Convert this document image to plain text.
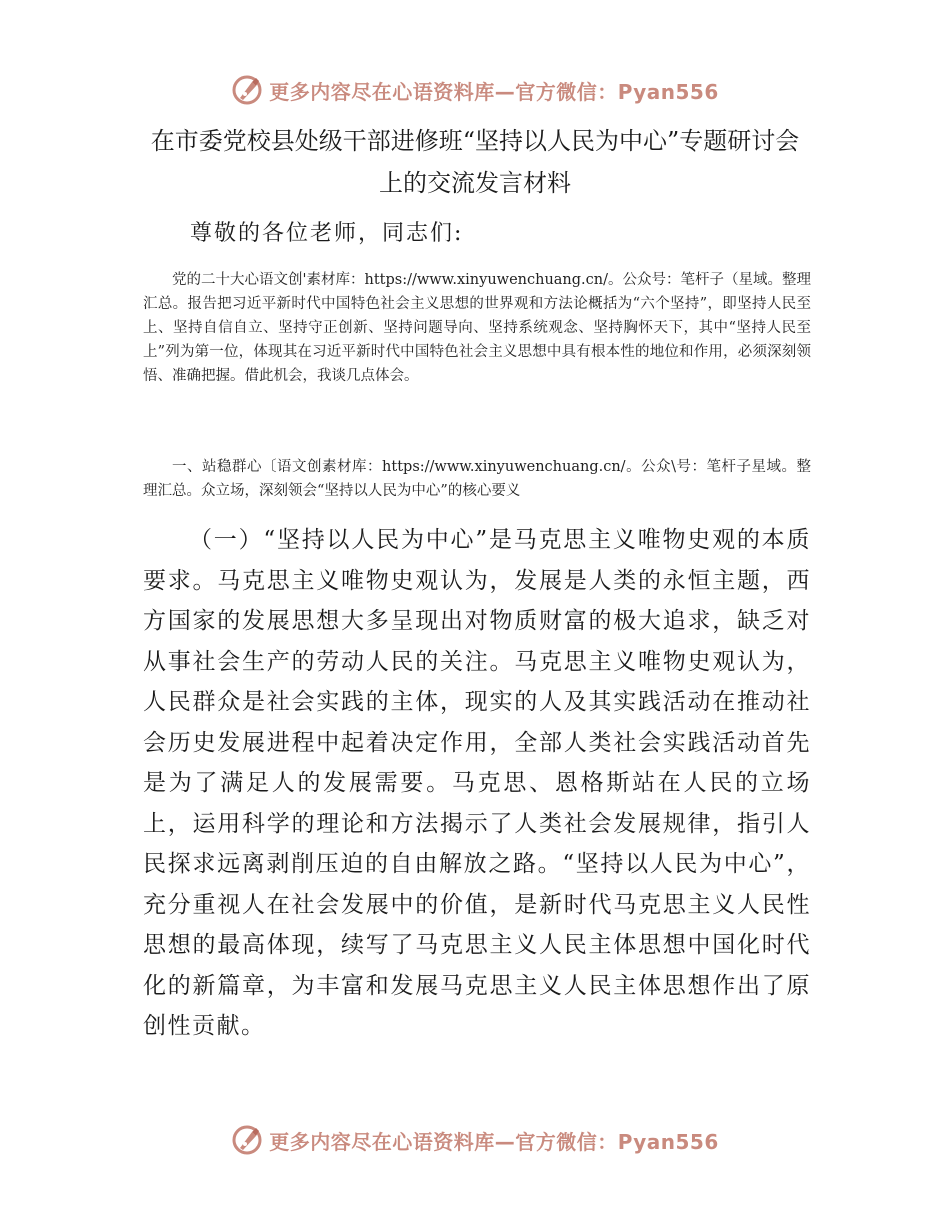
更多内容尽在心语资料库—官方微信：Pyan556
在市委党校县处级干部进修班“坚持以人民为中心”专题研讨会上的交流发言材料
尊敬的各位老师，同志们:
党的二十大心语文创'素材库：https://www.xinyuwenchuang.cn/。公众号：笔杆子（星域。整理汇总。报告把习近平新时代中国特色社会主义思想的世界观和方法论概括为“六个坚持”，即坚持人民至上、坚持自信自立、坚持守正创新、坚持问题导向、坚持系统观念、坚持胸怀天下，其中“坚持人民至上”列为第一位，体现其在习近平新时代中国特色社会主义思想中具有根本性的地位和作用，必须深刻领悟、准确把握。借此机会，我谈几点体会。
一、站稳群心〔语文创素材库：https://www.xinyuwenchuang.cn/。公众\号：笔杆子星域。整理汇总。众立场，深刻领会“坚持以人民为中心”的核心要义
（一）“坚持以人民为中心”是马克思主义唯物史观的本质要求。马克思主义唯物史观认为，发展是人类的永恒主题，西方国家的发展思想大多呈现出对物质财富的极大追求，缺乏对从事社会生产的劳动人民的关注。马克思主义唯物史观认为，人民群众是社会实践的主体，现实的人及其实践活动在推动社会历史发展进程中起着决定作用，全部人类社会实践活动首先是为了满足人的发展需要。马克思、恩格斯站在人民的立场上，运用科学的理论和方法揭示了人类社会发展规律，指引人民探求远离剥削压迫的自由解放之路。“坚持以人民为中心”，充分重视人在社会发展中的价值，是新时代马克思主义人民性思想的最高体现，续写了马克思主义人民主体思想中国化时代化的新篇章，为丰富和发展马克思主义人民主体思想作出了原创性贡献。
更多内容尽在心语资料库—官方微信：Pyan556
